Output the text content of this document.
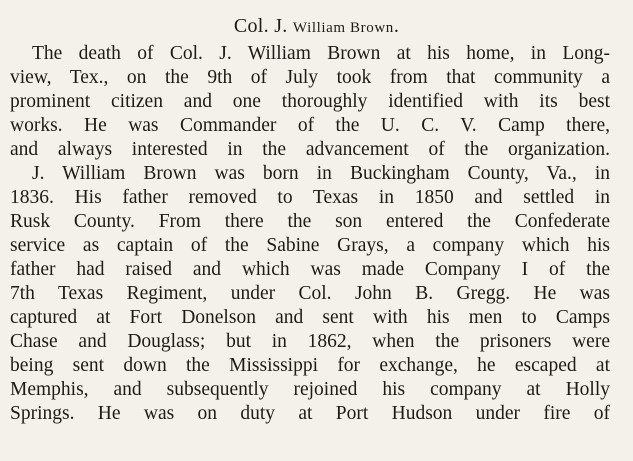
Col. J. William Brown.
The death of Col. J. William Brown at his home, in Long-
view, Tex., on the 9th of July took from that community a
prominent citizen and one thoroughly identified with its best
works. He was Commander of the U. C. V. Camp there,
and always interested in the advancement of the organization.
J. William Brown was born in Buckingham County, Va., in
1836. His father removed to Texas in 1850 and settled in
Rusk County. From there the son entered the Confederate
service as captain of the Sabine Grays, a company which his
father had raised and which was made Company I of the
7th Texas Regiment, under Col. John B. Gregg. He was
captured at Fort Donelson and sent with his men to Camps
Chase and Douglass; but in 1862, when the prisoners were
being sent down the Mississippi for exchange, he escaped at
Memphis, and subsequently rejoined his company at Holly
Springs. He was on duty at Port Hudson under fire of
